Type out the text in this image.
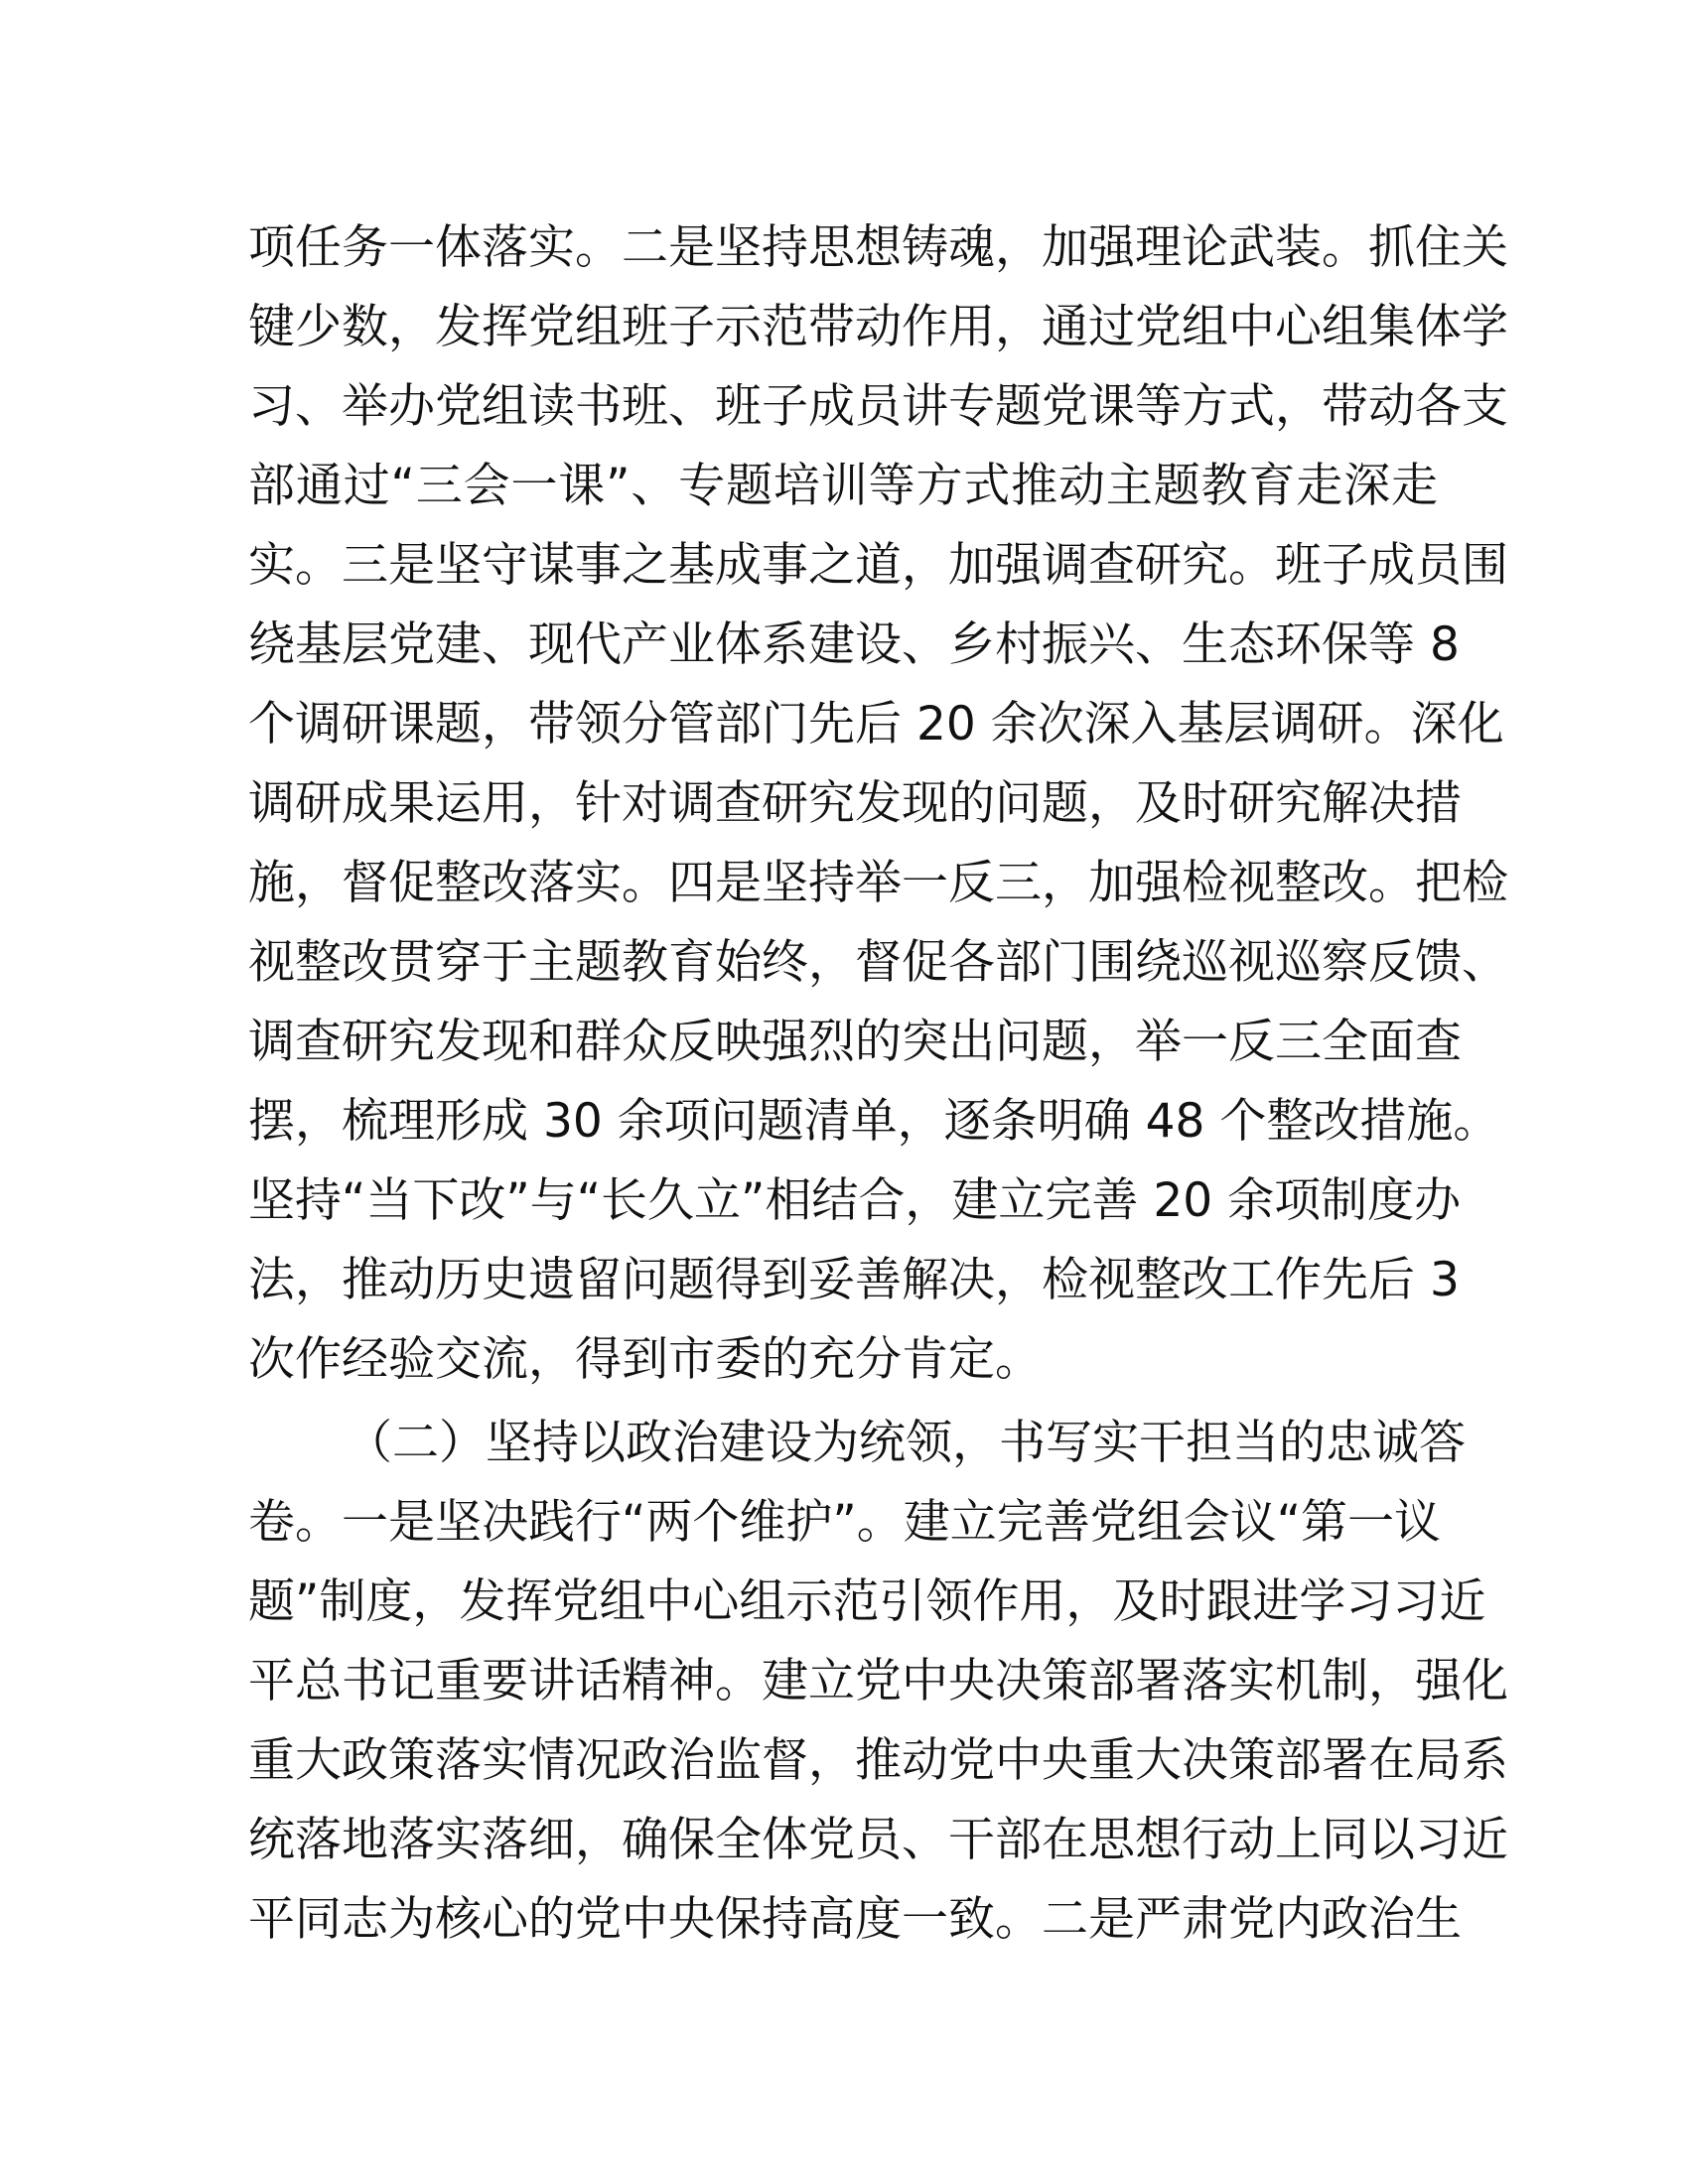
项任务一体落实。二是坚持思想铸魂，加强理论武装。抓住关
键少数，发挥党组班子示范带动作用，通过党组中心组集体学
习、举办党组读书班、班子成员讲专题党课等方式，带动各支
部通过“三会一课”、专题培训等方式推动主题教育走深走
实。三是坚守谋事之基成事之道，加强调查研究。班子成员围
绕基层党建、现代产业体系建设、乡村振兴、生态环保等 8
个调研课题，带领分管部门先后 20 余次深入基层调研。深化
调研成果运用，针对调查研究发现的问题，及时研究解决措
施，督促整改落实。四是坚持举一反三，加强检视整改。把检
视整改贯穿于主题教育始终，督促各部门围绕巡视巡察反馈、
调查研究发现和群众反映强烈的突出问题，举一反三全面查
摆，梳理形成 30 余项问题清单，逐条明确 48 个整改措施。
坚持“当下改”与“长久立”相结合，建立完善 20 余项制度办
法，推动历史遗留问题得到妥善解决，检视整改工作先后 3
次作经验交流，得到市委的充分肯定。
（二）坚持以政治建设为统领，书写实干担当的忠诚答
卷。一是坚决践行“两个维护”。建立完善党组会议“第一议
题”制度，发挥党组中心组示范引领作用，及时跟进学习习近
平总书记重要讲话精神。建立党中央决策部署落实机制，强化
重大政策落实情况政治监督，推动党中央重大决策部署在局系
统落地落实落细，确保全体党员、干部在思想行动上同以习近
平同志为核心的党中央保持高度一致。二是严肃党内政治生
